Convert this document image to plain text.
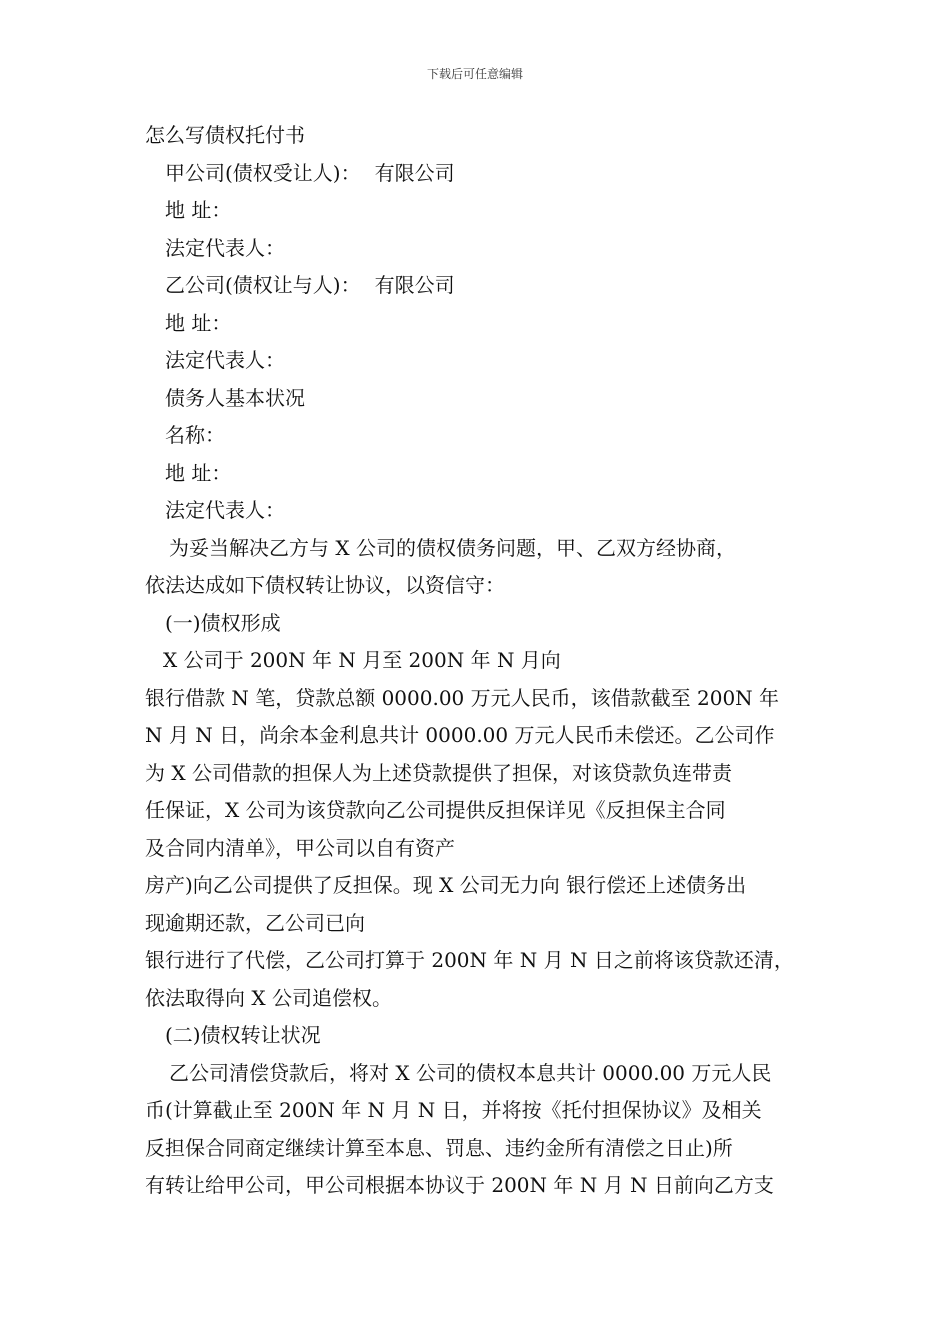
下载后可任意编辑
怎么写债权托付书
甲公司(债权受让人)： 有限公司
地 址：
法定代表人：
乙公司(债权让与人)： 有限公司
地 址：
法定代表人：
债务人基本状况
名称：
地 址：
法定代表人：
为妥当解决乙方与 X 公司的债权债务问题，甲、乙双方经协商，
依法达成如下债权转让协议，以资信守：
(一)债权形成
X 公司于 200N 年 N 月至 200N 年 N 月向
银行借款 N 笔，贷款总额 0000.00 万元人民币，该借款截至 200N 年
N 月 N 日，尚余本金利息共计 0000.00 万元人民币未偿还。乙公司作
为 X 公司借款的担保人为上述贷款提供了担保，对该贷款负连带责
任保证，X 公司为该贷款向乙公司提供反担保详见《反担保主合同
及合同内清单》，甲公司以自有资产
房产)向乙公司提供了反担保。现 X 公司无力向 银行偿还上述债务出
现逾期还款，乙公司已向
银行进行了代偿，乙公司打算于 200N 年 N 月 N 日之前将该贷款还清，
依法取得向 X 公司追偿权。
(二)债权转让状况
乙公司清偿贷款后，将对 X 公司的债权本息共计 0000.00 万元人民
币(计算截止至 200N 年 N 月 N 日，并将按《托付担保协议》及相关
反担保合同商定继续计算至本息、罚息、违约金所有清偿之日止)所
有转让给甲公司，甲公司根据本协议于 200N 年 N 月 N 日前向乙方支
